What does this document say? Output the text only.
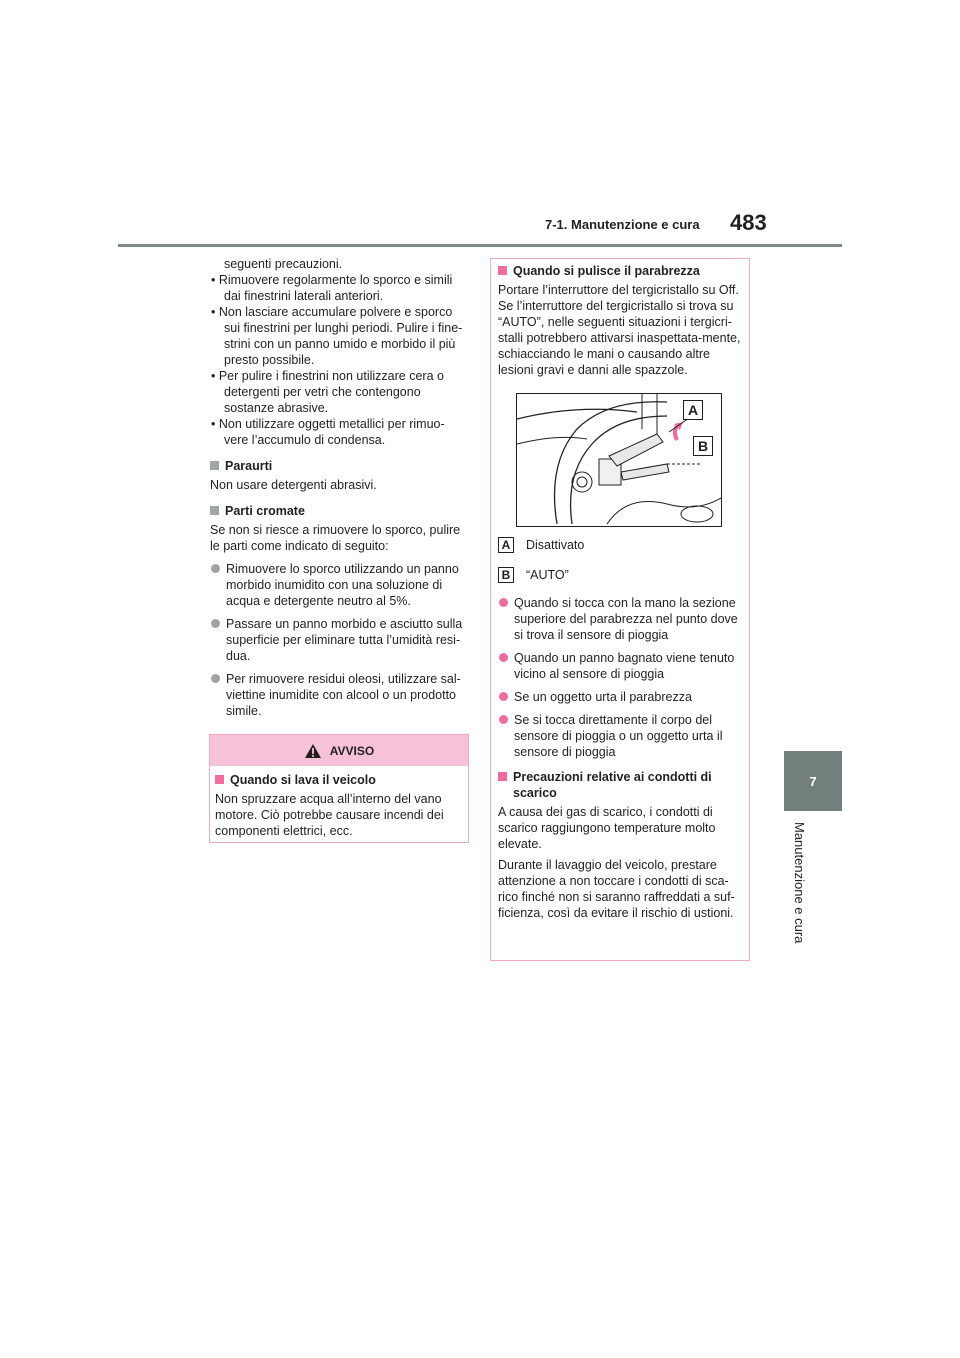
7-1. Manutenzione e cura 483
7
Manutenzione e cura

seguenti precauzioni.

• Rimuovere regolarmente lo sporco e simili

dai finestrini laterali anteriori.

• Non lasciare accumulare polvere e sporco

sui finestrini per lunghi periodi. Pulire i fine-strini con un panno umido e morbido il più presto possibile.

• Per pulire i finestrini non utilizzare cera o

detergenti per vetri che contengono sostanze abrasive.

• Non utilizzare oggetti metallici per rimuo-

vere l’accumulo di condensa.

Paraurti

Non usare detergenti abrasivi.

Parti cromate

Se non si riesce a rimuovere lo sporco, pulire le parti come indicato di seguito:

Rimuovere lo sporco utilizzando un panno morbido inumidito con una soluzione di acqua e detergente neutro al 5%.
Passare un panno morbido e asciutto sulla superficie per eliminare tutta l’umidità resi-dua.
Per rimuovere residui oleosi, utilizzare sal-viettine inumidite con alcool o un prodotto simile.
AVVISO
Quando si lava il veicolo

Non spruzzare acqua all’interno del vano motore. Ciò potrebbe causare incendi dei componenti elettrici, ecc.

Quando si pulisce il parabrezza

Portare l’interruttore del tergicristallo su Off.

Se l’interruttore del tergicristallo si trova su “AUTO”, nelle seguenti situazioni i tergicri-stalli potrebbero attivarsi inaspettata-mente, schiacciando le mani o causando altre lesioni gravi e danni alle spazzole.

A
B
A Disattivato
B “AUTO”
Quando si tocca con la mano la sezione superiore del parabrezza nel punto dove si trova il sensore di pioggia
Quando un panno bagnato viene tenuto vicino al sensore di pioggia
Se un oggetto urta il parabrezza
Se si tocca direttamente il corpo del sensore di pioggia o un oggetto urta il sensore di pioggia
Precauzioni relative ai condotti di scarico

A causa dei gas di scarico, i condotti di scarico raggiungono temperature molto elevate.

Durante il lavaggio del veicolo, prestare attenzione a non toccare i condotti di sca-rico finché non si saranno raffreddati a suf-ficienza, così da evitare il rischio di ustioni.
